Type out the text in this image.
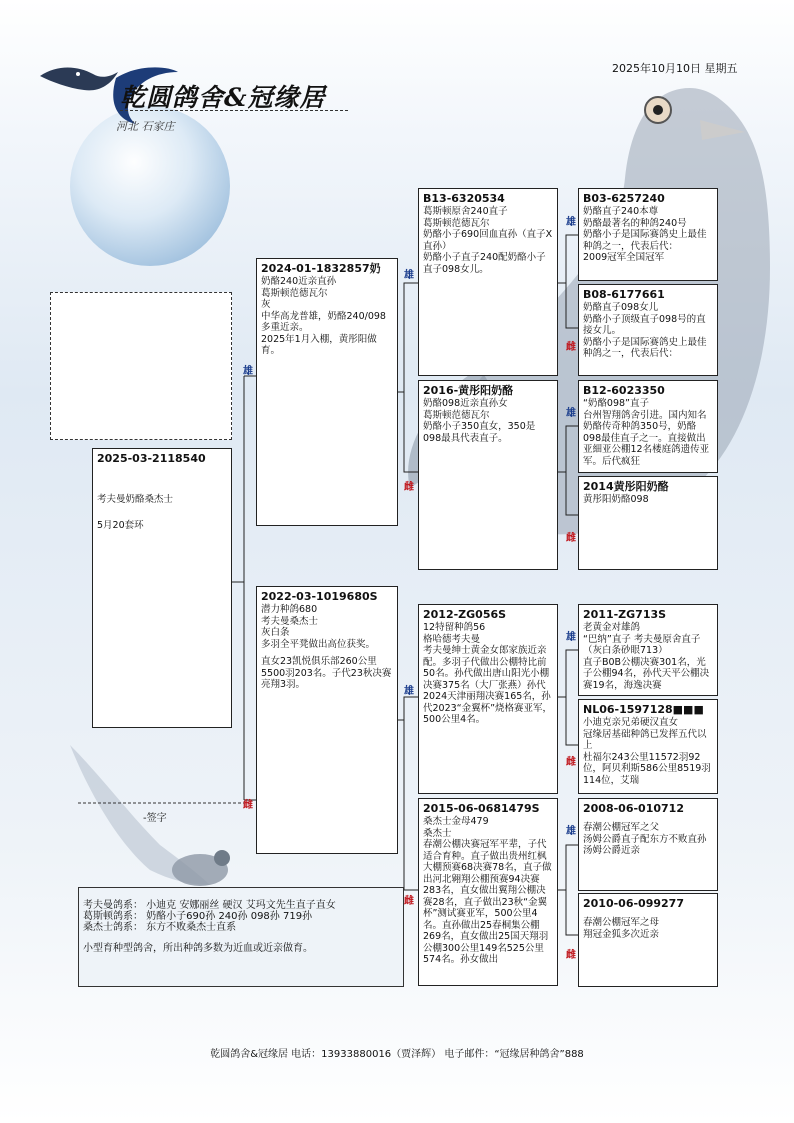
2025年10月10日 星期五
乾圆鸽舍&冠缘居
河北 石家庄
2025-03-2118540

考夫曼奶酪桑杰士

5月20套环

-签字
雄
2024-01-1832857奶

奶酪240近亲直孙

葛斯顿范德瓦尔

灰

中华高龙普雄，奶酪240/098多重近亲。

2025年1月入棚，黄彤阳做育。

雌
2022-03-1019680S

潜力种鸽680

考夫曼桑杰士

灰白条

多羽全平凳做出高位获奖。

直女23凯悦俱乐部260公里5500羽203名。子代23秋决赛亮翔3羽。

雄
B13-6320534

葛斯顿原舍240直子

葛斯顿范德瓦尔

奶酪小子690回血直孙（直子X直孙）

奶酪小子直子240配奶酪小子直子098女儿。

雌
2016-黄彤阳奶酪

奶酪098近亲直孙女

葛斯顿范德瓦尔

奶酪小子350直女，350是098最具代表直子。

雄
2012-ZG056S

12特留种鸽56

格哈德考夫曼

考夫曼绅士黄金女郎家族近亲配。多羽子代做出公棚特比前50名。孙代做出唐山阳光小棚决赛375名（大厂张燕）孙代2024天津丽翔决赛165名，孙代2023“金翼杯”烧格赛亚军，500公里4名。

雌
2015-06-0681479S

桑杰士金母479

桑杰士

春潮公棚决赛冠军平辈，子代适合育种。直子做出贵州红枫大棚预赛68决赛78名，直子做出河北翱翔公棚预赛94决赛283名，直女做出翼翔公棚决赛28名，直子做出23秋“金翼杯”测试赛亚军，500公里4名。直孙做出25春桐集公棚269名，直女做出25国天翔羽公棚300公里149名525公里574名。孙女做出

雄
B03-6257240

奶酪直子240本尊

奶酪最著名的种鸽240号

奶酪小子是国际赛鸽史上最佳种鸽之一，代表后代：

2009冠军全国冠军

雌
B08-6177661

奶酪直子098女儿

奶酪小子顶级直子098号的直接女儿。

奶酪小子是国际赛鸽史上最佳种鸽之一，代表后代：

雄
B12-6023350

“奶酪098”直子

台州智翔鸽舍引进。国内知名奶酪传奇种鸽350号，奶酪098最佳直子之一。直接做出亚細亚公棚12名楼庭鸽遗传亚军。后代疯狂

雌
2014黄彤阳奶酪

黄彤阳奶酪098

雄
2011-ZG713S

老黄金对雄鸽

“巴纳”直子 考夫曼原舍直子（灰白条砂眼713）

直子B0B公棚决赛301名，光子公棚94名，孙代天平公棚决赛19名，海逸决赛

雌
NL06-1597128■■■

小迪克亲兄弟硬汉直女

冠缘居基础种鸽已发挥五代以上

杜福尔243公里11572羽92位，阿贝利斯586公里8519羽114位，艾瑞

雄
2008-06-010712

春潮公棚冠军之父

汤姆公爵直子配东方不败直孙

汤姆公爵近亲

雌
2010-06-099277

春潮公棚冠军之母

翔冠金狐多次近亲

考夫曼鸽系： 小迪克 安娜丽丝 硬汉 艾玛文先生直子直女
葛斯顿鸽系： 奶酪小子690孙 240孙 098孙 719孙
桑杰士鸽系： 东方不败桑杰士直系
小型育种型鸽舍，所出种鸽多数为近血或近亲做育。
乾圆鸽舍&冠缘居 电话：13933880016（贾泽辉） 电子邮件：“冠缘居种鸽舍”888
